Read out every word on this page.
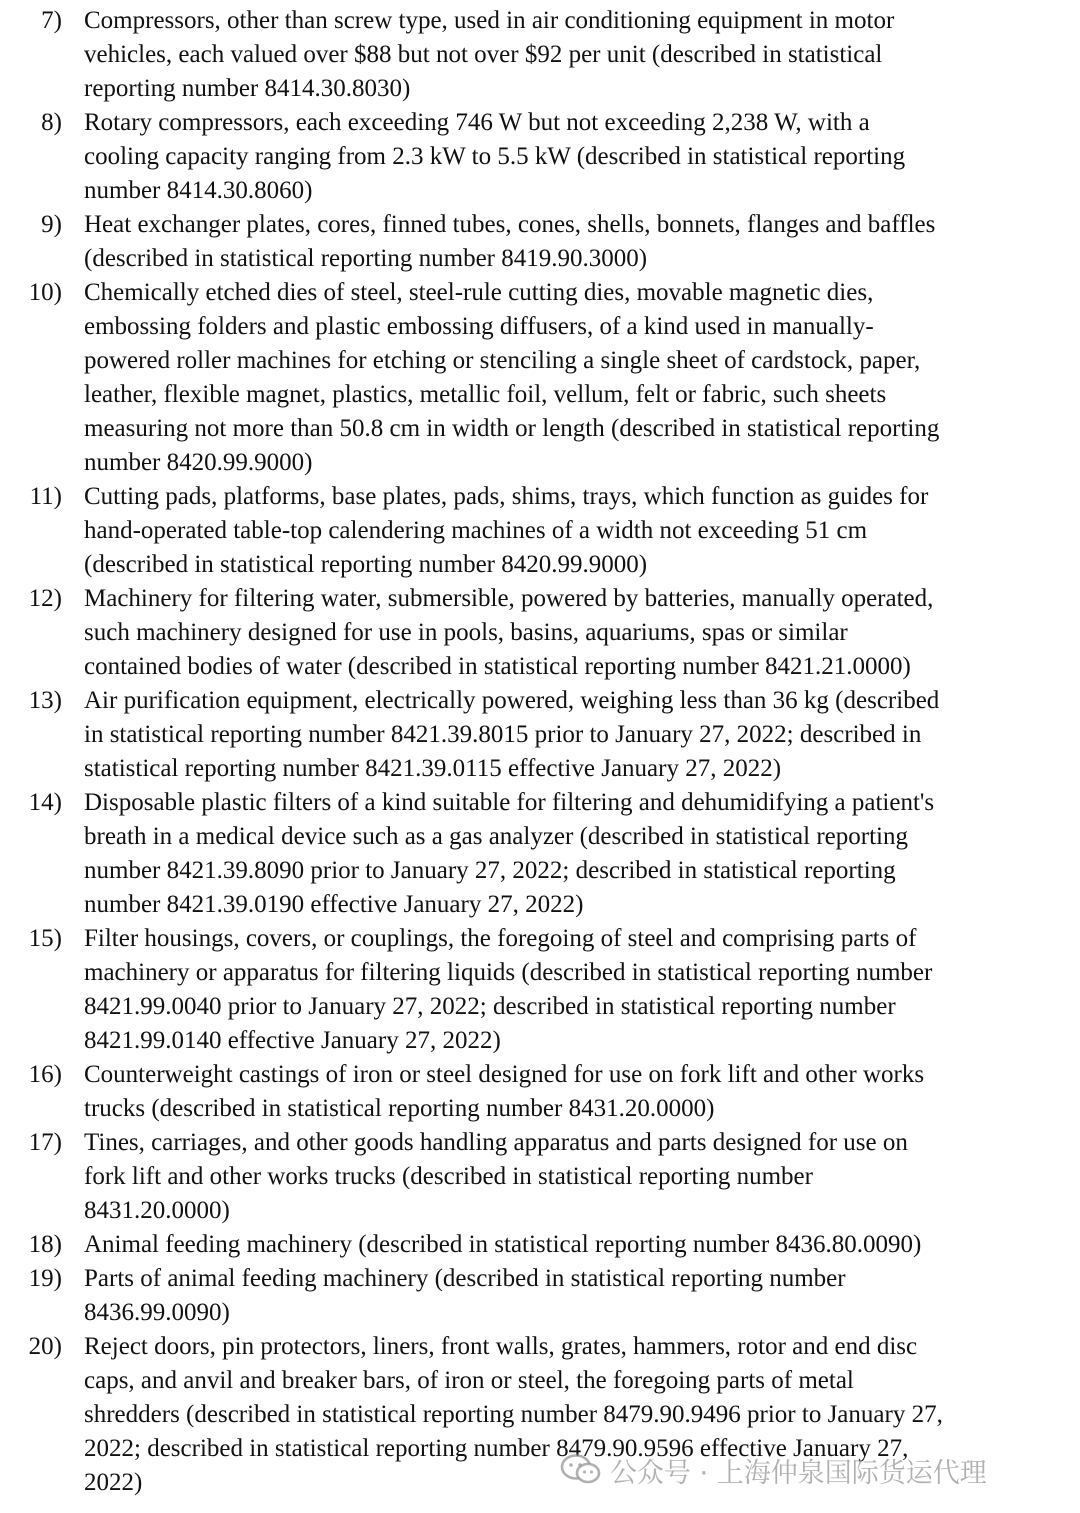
7) Compressors, other than screw type, used in air conditioning equipment in motor
vehicles, each valued over $88 but not over $92 per unit (described in statistical
reporting number 8414.30.8030)
8) Rotary compressors, each exceeding 746 W but not exceeding 2,238 W, with a
cooling capacity ranging from 2.3 kW to 5.5 kW (described in statistical reporting
number 8414.30.8060)
9) Heat exchanger plates, cores, finned tubes, cones, shells, bonnets, flanges and baffles
(described in statistical reporting number 8419.90.3000)
10) Chemically etched dies of steel, steel-rule cutting dies, movable magnetic dies,
embossing folders and plastic embossing diffusers, of a kind used in manually-
powered roller machines for etching or stenciling a single sheet of cardstock, paper,
leather, flexible magnet, plastics, metallic foil, vellum, felt or fabric, such sheets
measuring not more than 50.8 cm in width or length (described in statistical reporting
number 8420.99.9000)
11) Cutting pads, platforms, base plates, pads, shims, trays, which function as guides for
hand-operated table-top calendering machines of a width not exceeding 51 cm
(described in statistical reporting number 8420.99.9000)
12) Machinery for filtering water, submersible, powered by batteries, manually operated,
such machinery designed for use in pools, basins, aquariums, spas or similar
contained bodies of water (described in statistical reporting number 8421.21.0000)
13) Air purification equipment, electrically powered, weighing less than 36 kg (described
in statistical reporting number 8421.39.8015 prior to January 27, 2022; described in
statistical reporting number 8421.39.0115 effective January 27, 2022)
14) Disposable plastic filters of a kind suitable for filtering and dehumidifying a patient's
breath in a medical device such as a gas analyzer (described in statistical reporting
number 8421.39.8090 prior to January 27, 2022; described in statistical reporting
number 8421.39.0190 effective January 27, 2022)
15) Filter housings, covers, or couplings, the foregoing of steel and comprising parts of
machinery or apparatus for filtering liquids (described in statistical reporting number
8421.99.0040 prior to January 27, 2022; described in statistical reporting number
8421.99.0140 effective January 27, 2022)
16) Counterweight castings of iron or steel designed for use on fork lift and other works
trucks (described in statistical reporting number 8431.20.0000)
17) Tines, carriages, and other goods handling apparatus and parts designed for use on
fork lift and other works trucks (described in statistical reporting number
8431.20.0000)
18) Animal feeding machinery (described in statistical reporting number 8436.80.0090)
19) Parts of animal feeding machinery (described in statistical reporting number
8436.99.0090)
20) Reject doors, pin protectors, liners, front walls, grates, hammers, rotor and end disc
caps, and anvil and breaker bars, of iron or steel, the foregoing parts of metal
shredders (described in statistical reporting number 8479.90.9496 prior to January 27,
2022; described in statistical reporting number 8479.90.9596 effective January 27,
2022)	公众号 · 上海仲泉国际货运代理
